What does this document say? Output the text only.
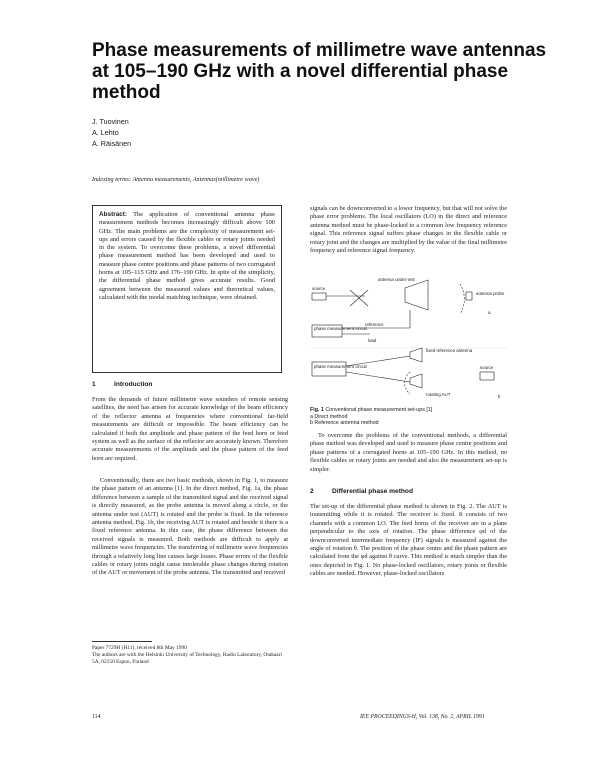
Phase measurements of millimetre wave antennas at 105–190 GHz with a novel differential phase method
J. Tuovinen
A. Lehto
A. Räisänen
Indexing terms: Antenna measurements, Antennas(millimetre wave)
Abstract: The application of conventional antenna phase measurement methods becomes increasingly difficult above 100 GHz. The main problems are the complexity of measurement set-ups and errors caused by the flexible cables or rotary joints needed in the system. To overcome these problems, a novel differential phase measurement method has been developed and used to measure phase centre positions and phase patterns of two corrugated horns at 105–115 GHz and 176–190 GHz. In spite of the simplicity, the differential phase method gives accurate results. Good agreement between the measured values and theoretical values, calculated with the modal matching technique, were obtained.
1	Introduction
From the demands of future millimetre wave sounders of remote sensing satellites, the need has arisen for accurate knowledge of the beam efficiency of the reflector antenna at frequencies where conventional far-field measurements are difficult or impossible. The beam efficiency can be calculated if both the amplitude and phase pattern of the feed horn or feed system as well as the surface of the reflector are accurately known. Therefore accurate measurements of the amplitude and the phase pattern of the feed horn are required.
Conventionally, there are two basic methods, shown in Fig. 1, to measure the phase pattern of an antenna [1]. In the direct method, Fig. 1a, the phase difference between a sample of the transmitted signal and the received signal is directly measured, as the probe antenna is moved along a circle, or the antenna under test (AUT) is rotated and the probe is fixed. In the reference antenna method, Fig. 1b, the receiving AUT is rotated and beside it there is a fixed reference antenna. In this case, the phase difference between the received signals is measured. Both methods are difficult to apply at millimetre wave frequencies. The transferring of millimetre wave frequencies through a relatively long line causes large losses. Phase errors of the flexible cables or rotary joints might cause intolerable phase changes during rotation of the AUT or movement of the probe antenna. The transmitted and received
Paper 7729H (H11), received 8th May 1990
The authors are with the Helsinki University of Technology, Radio Laboratory, Otakaari 5A, 02150 Espoo, Finland
114	IEE PROCEEDINGS-H, Vol. 138, No. 2, APRIL 1991
signals can be downconverted to a lower frequency, but that will not solve the phase error problems. The local oscillators (LO) in the direct and reference antenna method must be phase-locked to a common low frequency reference signal. This reference signal suffers phase changes in the flexible cable or rotary joint and the changes are multiplied by the value of the final millimetre frequency and reference signal frequency.
antenna under test
source
antenna probe
a
phase measurement circuit
reference
load
phase measurement circuit
fixed reference antenna
rotating AUT
source
b
Fig. 1 Conventional phase measurement set-ups [1]
a Direct method
b Reference antenna method
To overcome the problems of the conventional methods, a differential phase method was developed and used to measure phase centre positions and phase patterns of a corrugated horns at 105–190 GHz. In this method, no flexible cables or rotary joints are needed and also the measurement set-up is simpler.
2	Differential phase method
The set-up of the differential phase method is shown in Fig. 2. The AUT is transmitting while it is rotated. The receiver is fixed. It consists of two channels with a common LO. The feed horns of the receiver are in a plane perpendicular to the axis of rotation. The phase difference φd of the downconverted intermediate frequency (IF) signals is measured against the angle of rotation θ. The position of the phase centre and the phase pattern are calculated from the φd against θ curve. This method is much simpler than the ones depicted in Fig. 1. No phase-locked oscillators, rotary joints or flexible cables are needed. However, phase-locked oscillators
